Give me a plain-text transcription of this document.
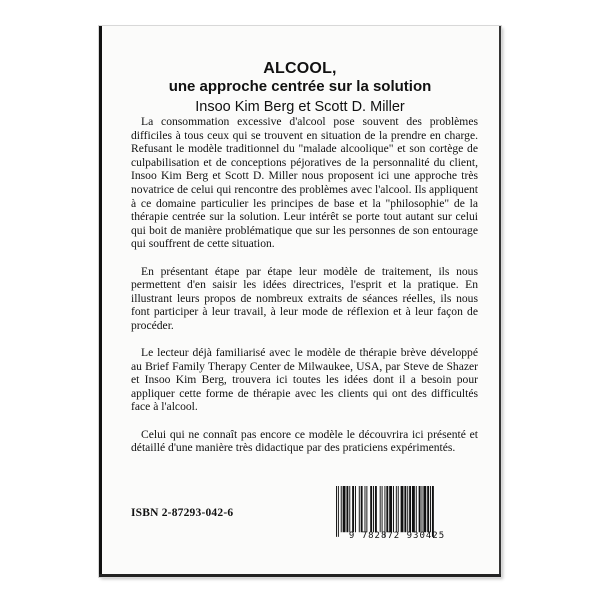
ALCOOL,
une approche centrée sur la solution
Insoo Kim Berg et Scott D. Miller

La consommation excessive d'alcool pose souvent des problèmes difficiles à tous ceux qui se trouvent en situation de la prendre en charge. Refusant le modèle traditionnel du "malade alcoolique" et son cortège de culpabilisation et de conceptions péjoratives de la personnalité du client, Insoo Kim Berg et Scott D. Miller nous proposent ici une approche très novatrice de celui qui rencontre des problèmes avec l'alcool. Ils appliquent à ce domaine particulier les principes de base et la "philosophie" de la thérapie centrée sur la solution. Leur intérêt se porte tout autant sur celui qui boit de manière problématique que sur les personnes de son entourage qui souffrent de cette situation.

En présentant étape par étape leur modèle de traitement, ils nous permettent d'en saisir les idées directrices, l'esprit et la pratique. En illustrant leurs propos de nombreux extraits de séances réelles, ils nous font participer à leur travail, à leur mode de réflexion et à leur façon de procéder.

Le lecteur déjà familiarisé avec le modèle de thérapie brève développé au Brief Family Therapy Center de Milwaukee, USA, par Steve de Shazer et Insoo Kim Berg, trouvera ici toutes les idées dont il a besoin pour appliquer cette forme de thérapie avec les clients qui ont des difficultés face à l'alcool.

Celui qui ne connaît pas encore ce modèle le découvrira ici présenté et détaillé d'une manière très didactique par des praticiens expérimentés.

ISBN 2-87293-042-6
9 782872 930425
